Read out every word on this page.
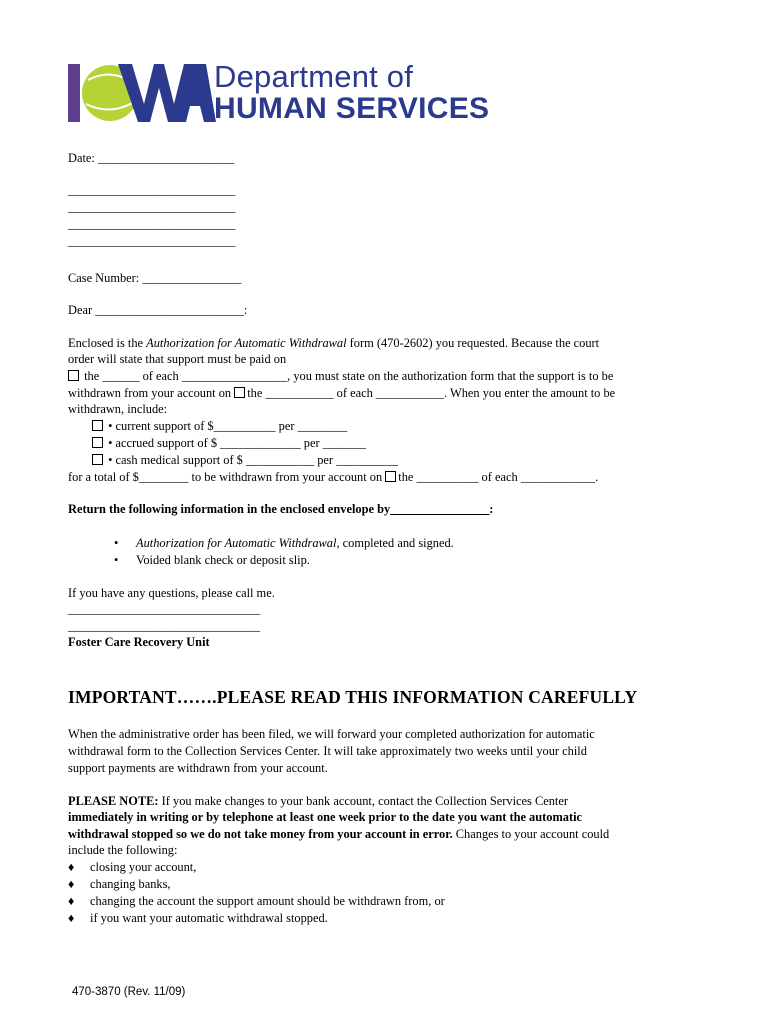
IOWA	Department of
HUMAN SERVICES
Date: ______________________
___________________________
___________________________
___________________________
___________________________
Case Number: ________________
Dear ________________________:
Enclosed is the Authorization for Automatic Withdrawal form (470-2602) you requested. Because the court
order will state that support must be paid on
the ______ of each _________________, you must state on the authorization form that the support is to be
withdrawn from your account on the ___________ of each ___________. When you enter the amount to be
withdrawn, include:
• current support of $__________ per ________
• accrued support of $ _____________ per _______
• cash medical support of $ ___________ per __________
for a total of $________ to be withdrawn from your account on the __________ of each ____________.
Return the following information in the enclosed envelope by________________:
• Authorization for Automatic Withdrawal, completed and signed.
• Voided blank check or deposit slip.
If you have any questions, please call me.
_______________________________
_______________________________
Foster Care Recovery Unit
IMPORTANT…….PLEASE READ THIS INFORMATION CAREFULLY
When the administrative order has been filed, we will forward your completed authorization for automatic
withdrawal form to the Collection Services Center. It will take approximately two weeks until your child
support payments are withdrawn from your account.
PLEASE NOTE: If you make changes to your bank account, contact the Collection Services Center
immediately in writing or by telephone at least one week prior to the date you want the automatic
withdrawal stopped so we do not take money from your account in error. Changes to your account could
include the following:
♦ closing your account,
♦ changing banks,
♦ changing the account the support amount should be withdrawn from, or
♦ if you want your automatic withdrawal stopped.
470-3870 (Rev. 11/09)
